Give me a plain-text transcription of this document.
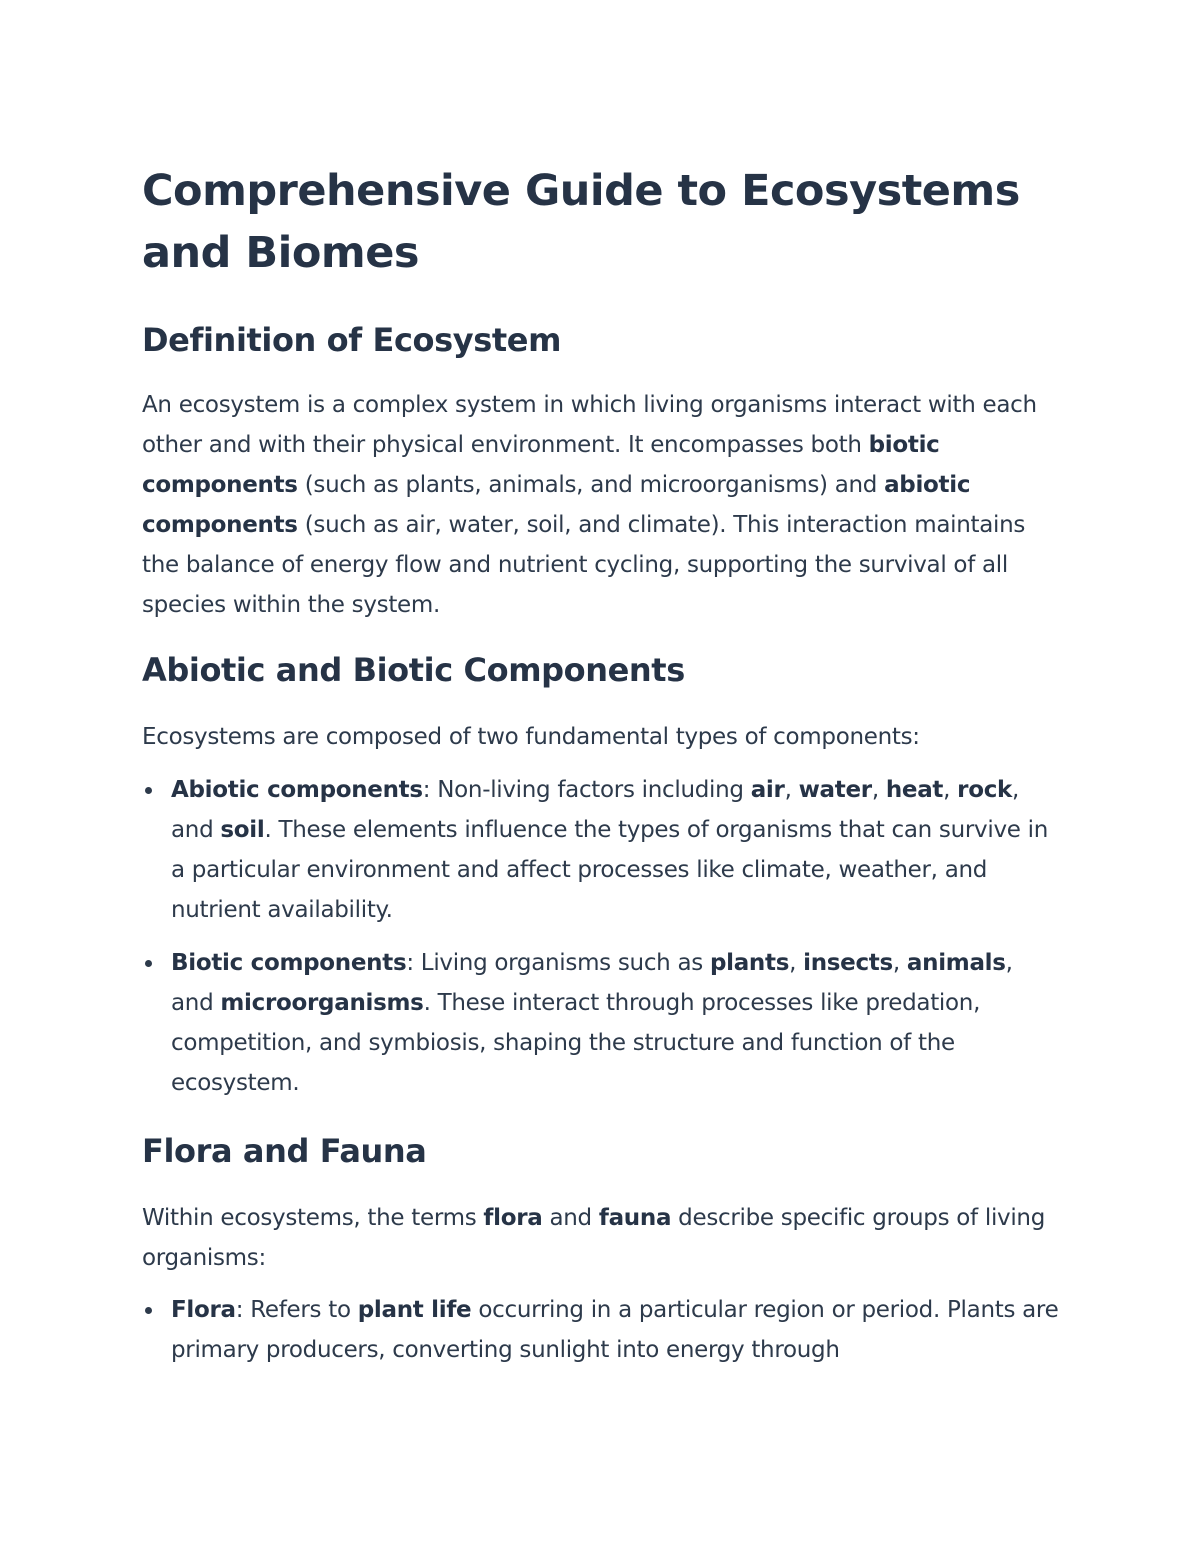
Comprehensive Guide to Ecosystems and Biomes
Definition of Ecosystem

An ecosystem is a complex system in which living organisms interact with each other and with their physical environment. It encompasses both biotic components (such as plants, animals, and microorganisms) and abiotic components (such as air, water, soil, and climate). This interaction maintains the balance of energy flow and nutrient cycling, supporting the survival of all species within the system.

Abiotic and Biotic Components

Ecosystems are composed of two fundamental types of components:

Abiotic components: Non-living factors including air, water, heat, rock, and soil. These elements influence the types of organisms that can survive in a particular environment and affect processes like climate, weather, and nutrient availability.
Biotic components: Living organisms such as plants, insects, animals, and microorganisms. These interact through processes like predation, competition, and symbiosis, shaping the structure and function of the ecosystem.
Flora and Fauna

Within ecosystems, the terms flora and fauna describe specific groups of living organisms:

Flora: Refers to plant life occurring in a particular region or period. Plants are primary producers, converting sunlight into energy through
